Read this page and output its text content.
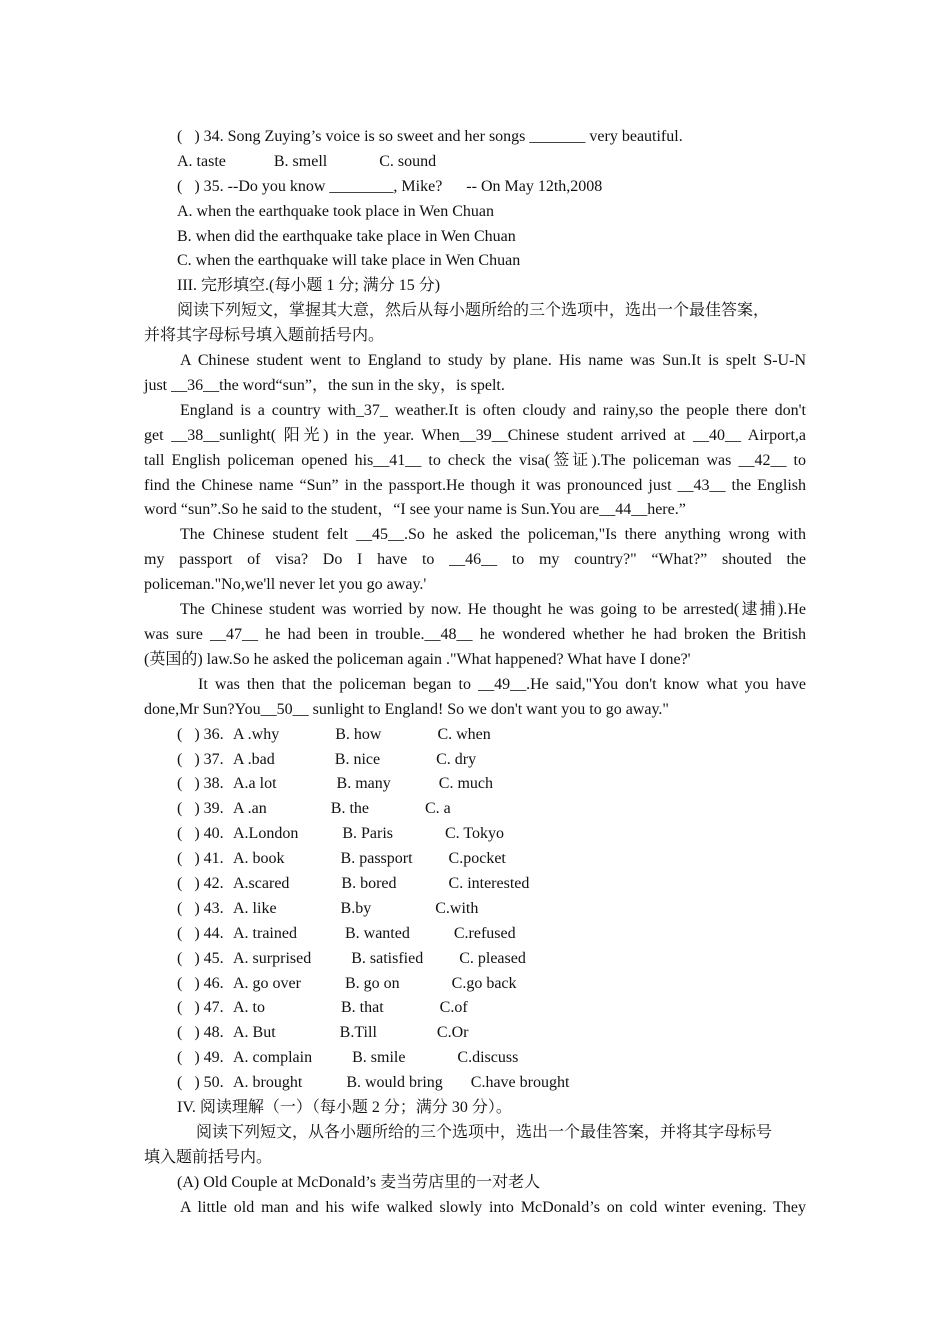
(   ) 34. Song Zuying’s voice is so sweet and her songs _______ very beautiful.
A. taste            B. smell             C. sound
(   ) 35. --Do you know ________, Mike?      -- On May 12th,2008
A. when the earthquake took place in Wen Chuan
B. when did the earthquake take place in Wen Chuan
C. when the earthquake will take place in Wen Chuan
III. 完形填空.(每小题 1 分; 满分 15 分)
阅读下列短文，掌握其大意，然后从每小题所给的三个选项中，选出一个最佳答案，
并将其字母标号填入题前括号内。
A Chinese student went to England to study by plane. His name was Sun.It is spelt S-U-N
just __36__the word“sun”，the sun in the sky，is spelt.
England is a country with_37_ weather.It is often cloudy and rainy,so the people there don't
get __38__sunlight( 阳光) in the year. When__39__Chinese student arrived at __40__ Airport,a
tall English policeman opened his__41__ to check the visa(签证).The policeman was __42__ to
find the Chinese name “Sun” in the passport.He though it was pronounced just __43__ the English
word “sun”.So he said to the student，“I see your name is Sun.You are__44__here.”
The Chinese student felt __45__.So he asked the policeman,"Is there anything wrong with
my passport of visa? Do I have to __46__ to my country?" “What?” shouted the
policeman."No,we'll never let you go away.'
The Chinese student was worried by now. He thought he was going to be arrested(逮捕).He
was sure __47__ he had been in trouble.__48__ he wondered whether he had broken the British
(英国的) law.So he asked the policeman again ."What happened? What have I done?'
It was then that the policeman began to __49__.He said,"You don't know what you have
done,Mr Sun?You__50__ sunlight to England! So we don't want you to go away."
(   ) 36. A .why              B. how              C. when
(   ) 37. A .bad               B. nice              C. dry
(   ) 38. A.a lot               B. many            C. much
(   ) 39. A .an                B. the              C. a
(   ) 40. A.London           B. Paris             C. Tokyo
(   ) 41. A. book              B. passport         C.pocket
(   ) 42. A.scared             B. bored             C. interested
(   ) 43. A. like                B.by                C.with
(   ) 44. A. trained            B. wanted           C.refused
(   ) 45. A. surprised          B. satisfied         C. pleased
(   ) 46. A. go over           B. go on             C.go back
(   ) 47. A. to                   B. that              C.of
(   ) 48. A. But                B.Till               C.Or
(   ) 49. A. complain          B. smile             C.discuss
(   ) 50. A. brought           B. would bring       C.have brought
IV. 阅读理解（一）（每小题 2 分；满分 30 分）。
阅读下列短文，从各小题所给的三个选项中，选出一个最佳答案，并将其字母标号
填入题前括号内。
(A) Old Couple at McDonald’s 麦当劳店里的一对老人
A little old man and his wife walked slowly into McDonald’s on cold winter evening. They
